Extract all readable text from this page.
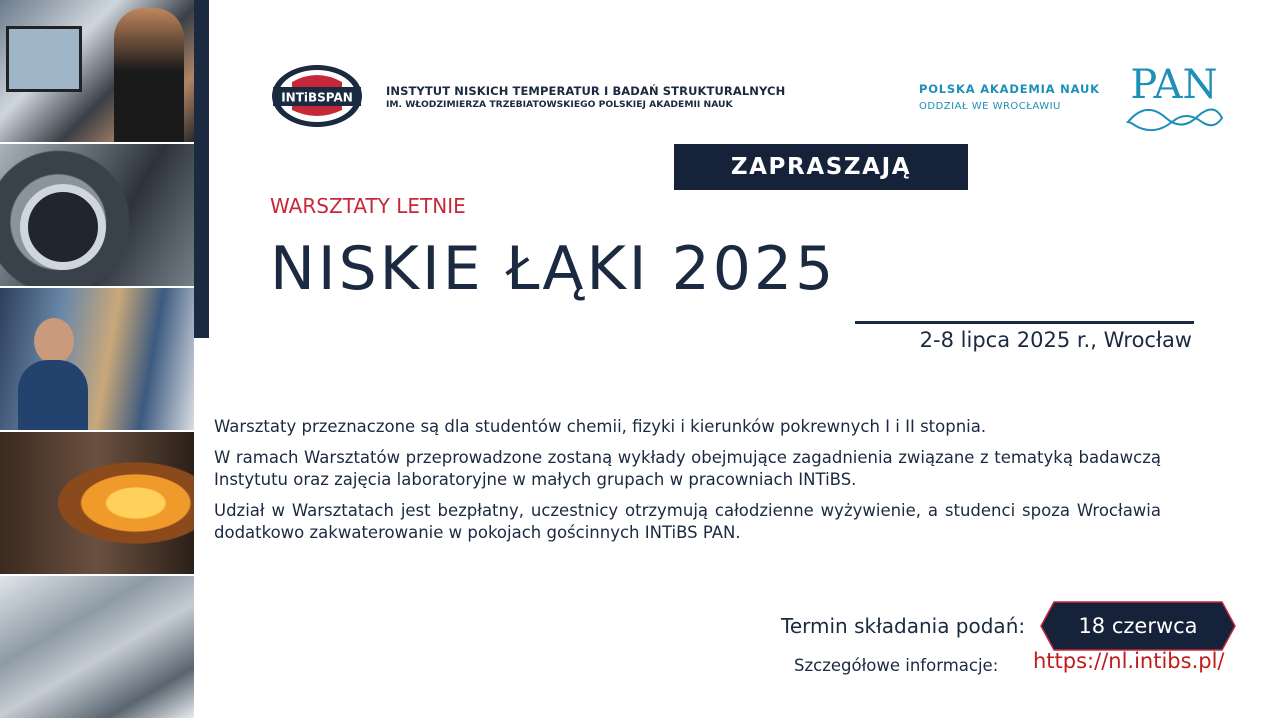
INTiBSPAN	INSTYTUT NISKICH TEMPERATUR I BADAŃ STRUKTURALNYCH
IM. WŁODZIMIERZA TRZEBIATOWSKIEGO POLSKIEJ AKADEMII NAUK
POLSKA AKADEMIA NAUK
ODDZIAŁ WE WROCŁAWIU PAN
ZAPRASZAJĄ
WARSZTATY LETNIE
NISKIE ŁĄKI 2025
2-8 lipca 2025 r., Wrocław

Warsztaty przeznaczone są dla studentów chemii, fizyki i kierunków pokrewnych I i II stopnia.

W ramach Warsztatów przeprowadzone zostaną wykłady obejmujące zagadnienia związane z tematyką badawczą Instytutu oraz zajęcia laboratoryjne w małych grupach w pracowniach INTiBS.

Udział w Warsztatach jest bezpłatny, uczestnicy otrzymują całodzienne wyżywienie, a studenci spoza Wrocławia dodatkowo zakwaterowanie w pokojach gościnnych INTiBS PAN.

Termin składania podań:	18 czerwca
Szczegółowe informacje: https://nl.intibs.pl/
